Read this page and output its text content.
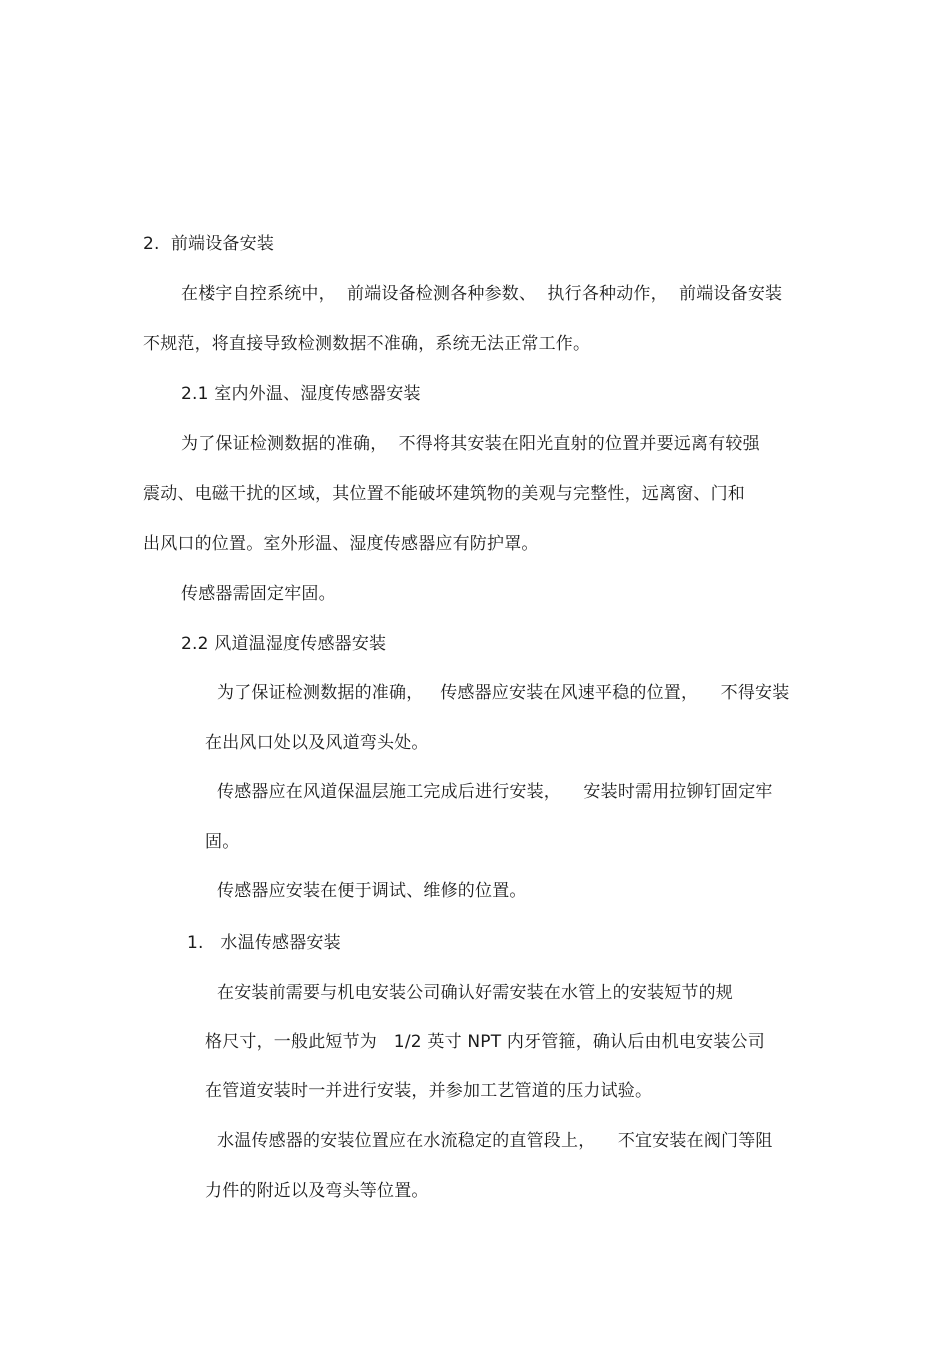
2.  前端设备安装
在楼宇自控系统中，  前端设备检测各种参数、  执行各种动作，  前端设备安装
不规范，将直接导致检测数据不准确，系统无法正常工作。
2.1 室内外温、湿度传感器安装
为了保证检测数据的准确，  不得将其安装在阳光直射的位置并要远离有较强
震动、电磁干扰的区域，其位置不能破坏建筑物的美观与完整性，远离窗、门和
出风口的位置。室外形温、湿度传感器应有防护罩。
传感器需固定牢固。
2.2 风道温湿度传感器安装
为了保证检测数据的准确，   传感器应安装在风速平稳的位置，    不得安装
在出风口处以及风道弯头处。
传感器应在风道保温层施工完成后进行安装，    安装时需用拉铆钉固定牢
固。
传感器应安装在便于调试、维修的位置。
1.   水温传感器安装
在安装前需要与机电安装公司确认好需安装在水管上的安装短节的规
格尺寸，一般此短节为   1/2 英寸 NPT 内牙管箍，确认后由机电安装公司
在管道安装时一并进行安装，并参加工艺管道的压力试验。
水温传感器的安装位置应在水流稳定的直管段上，    不宜安装在阀门等阻
力件的附近以及弯头等位置。
